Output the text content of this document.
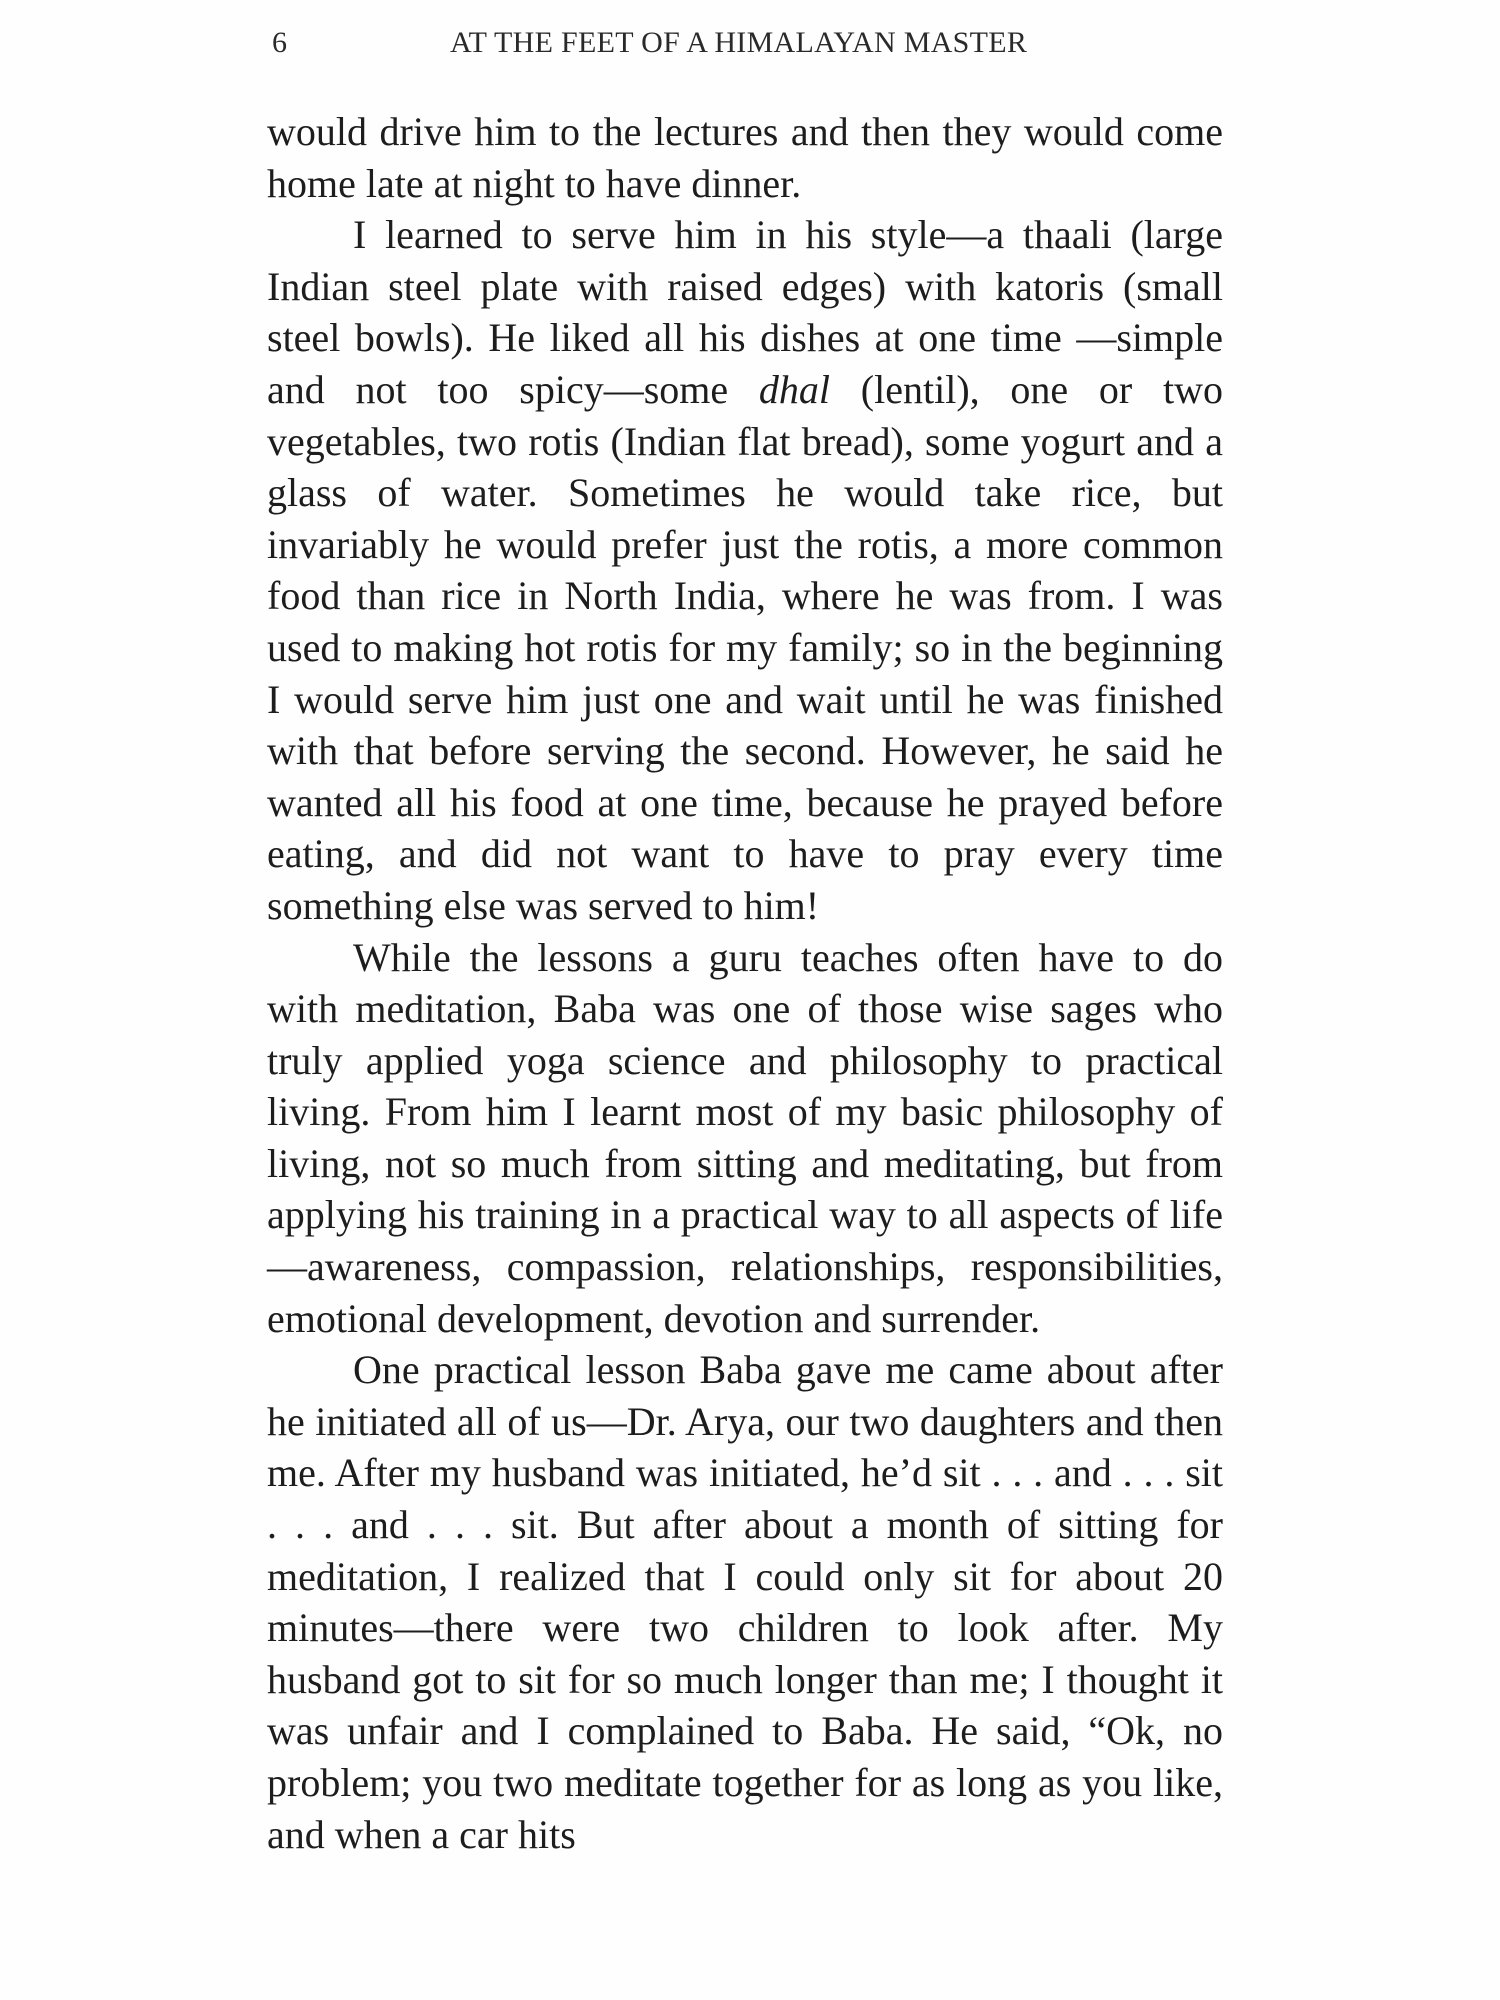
6	AT THE FEET OF A HIMALAYAN MASTER

would drive him to the lectures and then they would come home late at night to have dinner.

I learned to serve him in his style—a thaali (large Indian steel plate with raised edges) with katoris (small steel bowls). He liked all his dishes at one time —simple and not too spicy—some dhal (lentil), one or two vegetables, two rotis (Indian flat bread), some yogurt and a glass of water. Sometimes he would take rice, but invariably he would prefer just the rotis, a more common food than rice in North India, where he was from. I was used to making hot rotis for my family; so in the beginning I would serve him just one and wait until he was finished with that before serving the second. However, he said he wanted all his food at one time, because he prayed before eating, and did not want to have to pray every time something else was served to him!

While the lessons a guru teaches often have to do with meditation, Baba was one of those wise sages who truly applied yoga science and philosophy to practical living. From him I learnt most of my basic philosophy of living, not so much from sitting and meditating, but from applying his training in a practical way to all aspects of life—awareness, compassion, relationships, responsibilities, emotional development, devotion and surrender.

One practical lesson Baba gave me came about after he initiated all of us—Dr. Arya, our two daughters and then me. After my husband was initiated, he’d sit . . . and . . . sit . . . and . . . sit. But after about a month of sitting for meditation, I realized that I could only sit for about 20 minutes—there were two children to look after. My husband got to sit for so much longer than me; I thought it was unfair and I complained to Baba. He said, “Ok, no problem; you two meditate together for as long as you like, and when a car hits
